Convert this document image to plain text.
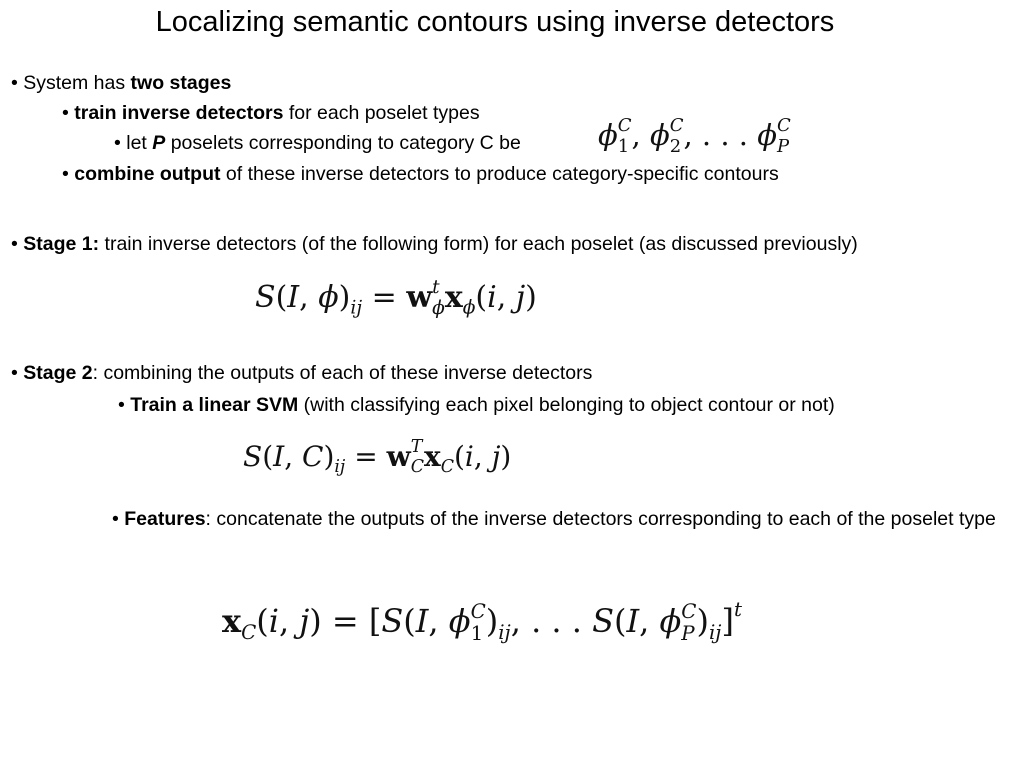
Localizing semantic contours using inverse detectors
• System has two stages
• train inverse detectors for each poselet types
• let P poselets corresponding to category C be	ϕ C
1 , ϕ C
2 , . . . ϕ C
P
• combine output of these inverse detectors to produce category-specific contours
• Stage 1: train inverse detectors (of the following form) for each poselet (as discussed previously)
S(I, $\phi)_{ij} = w$ t
ϕ $x_\phi(i$, j)
• Stage 2: combining the outputs of each of these inverse detectors
• Train a linear SVM (with classifying each pixel belonging to object contour or not)
S(I, $C)_{ij} = w$ T
C $x_C(i$, j)
• Features: concatenate the outputs of the inverse detectors corresponding to each of the poselet type
$x_C(i$, j) = [S(I, ϕ C
1 )$_{ij}$, . . . S(I, ϕ C
P )$_{ij}]^t$
